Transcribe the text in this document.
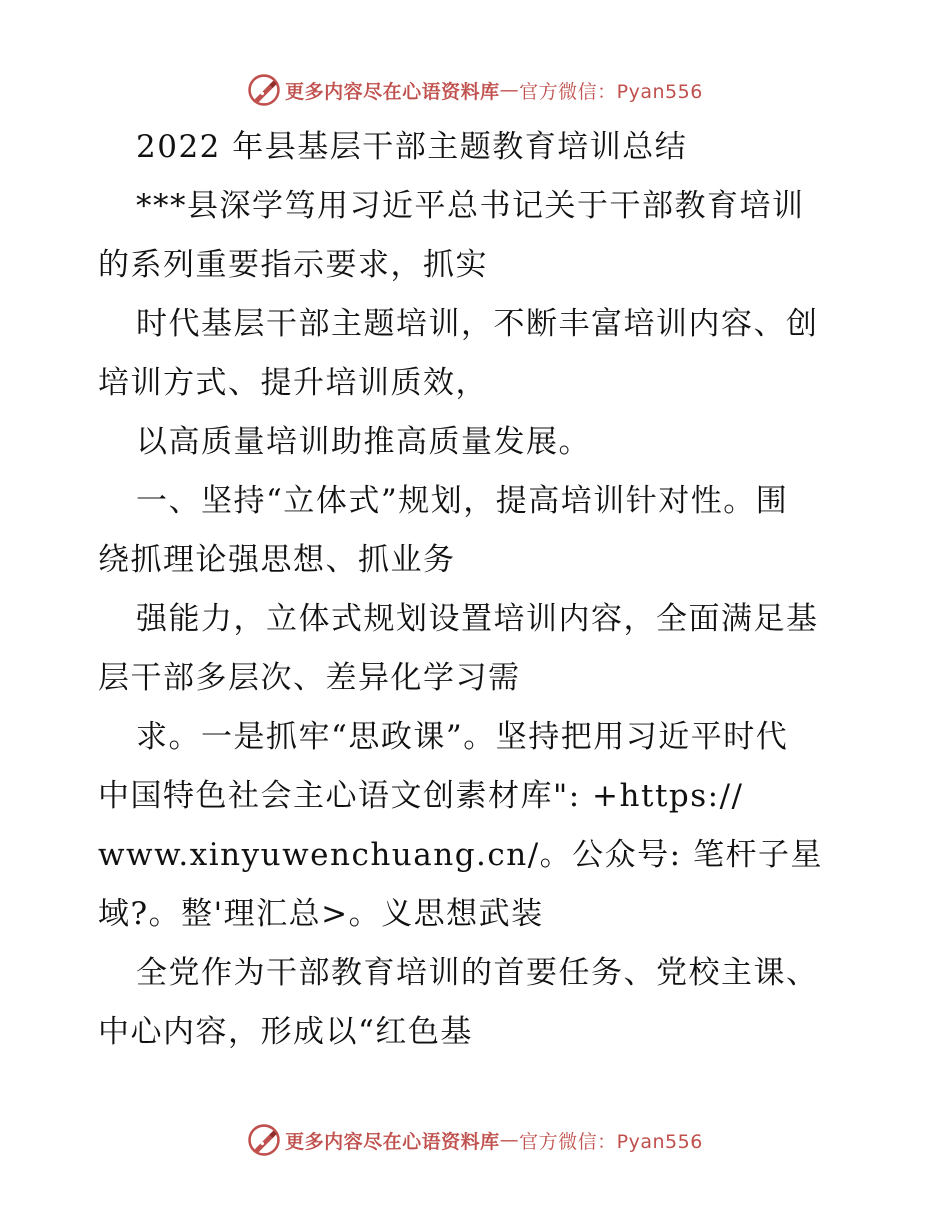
更多内容尽在心语资料库 — 官方微信：Pyan556
2022 年县基层干部主题教育培训总结
***县深学笃用习近平总书记关于干部教育培训
的系列重要指示要求，抓实
时代基层干部主题培训，不断丰富培训内容、创
培训方式、提升培训质效，
以高质量培训助推高质量发展。
一、坚持“立体式”规划，提高培训针对性。围
绕抓理论强思想、抓业务
强能力，立体式规划设置培训内容，全面满足基
层干部多层次、差异化学习需
求。一是抓牢“思政课”。坚持把用习近平时代
中国特色社会主心语文创素材库": +https://
www.xinyuwenchuang.cn/。公众号: 笔杆子星
域?。整'理汇总>。义思想武装
全党作为干部教育培训的首要任务、党校主课、
中心内容，形成以“红色基
更多内容尽在心语资料库 — 官方微信：Pyan556
